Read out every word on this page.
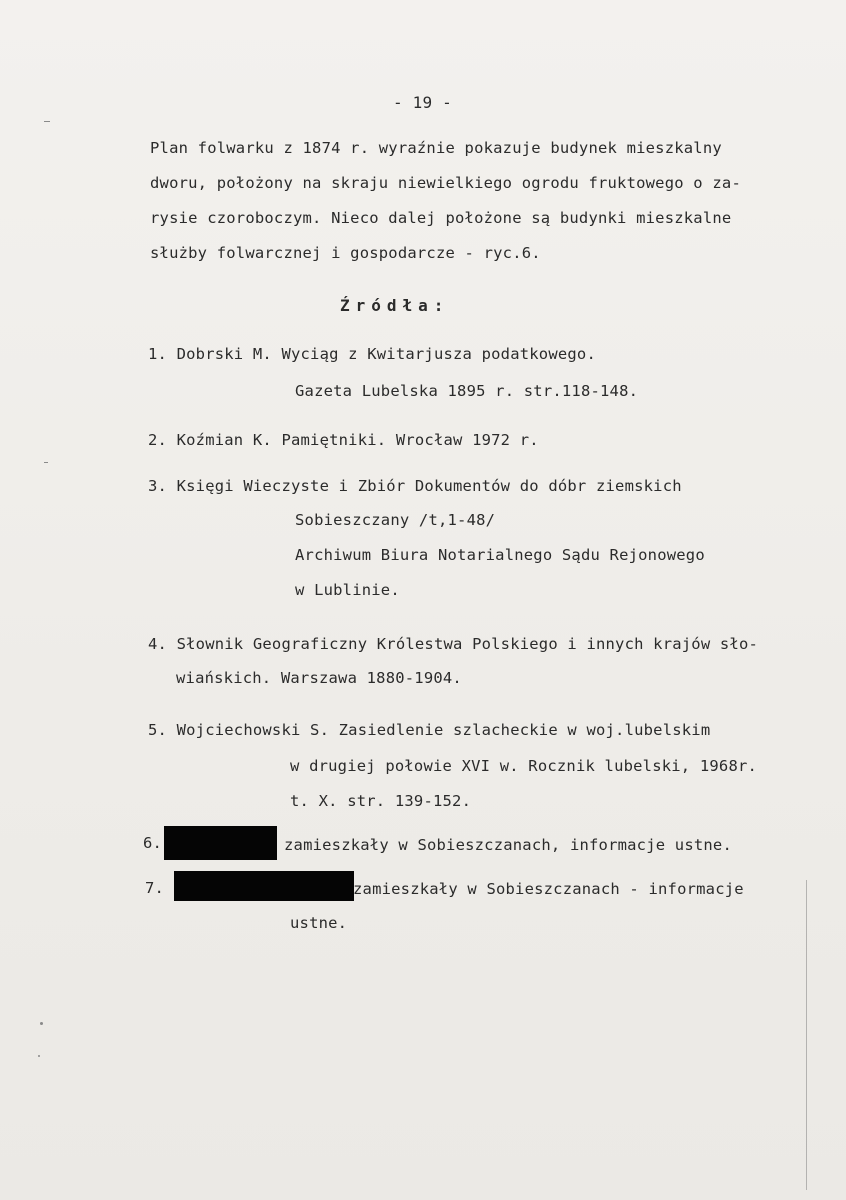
- 19 -
Plan folwarku z 1874 r. wyraźnie pokazuje budynek mieszkalny
dworu, położony na skraju niewielkiego ogrodu fruktowego o za-
rysie czoroboczym. Nieco dalej położone są budynki mieszkalne
służby folwarcznej i gospodarcze - ryc.6.
Źródła:
1. Dobrski M. Wyciąg z Kwitarjusza podatkowego.
Gazeta Lubelska 1895 r. str.118-148.
2. Koźmian K. Pamiętniki. Wrocław 1972 r.
3. Księgi Wieczyste i Zbiór Dokumentów do dóbr ziemskich
Sobieszczany /t,1-48/
Archiwum Biura Notarialnego Sądu Rejonowego
w Lublinie.
4. Słownik Geograficzny Królestwa Polskiego i innych krajów sło-
wiańskich. Warszawa 1880-1904.
5. Wojciechowski S. Zasiedlenie szlacheckie w woj.lubelskim
w drugiej połowie XVI w. Rocznik lubelski, 1968r.
t. X. str. 139-152.
6.	zamieszkały w Sobieszczanach, informacje ustne.
7.	zamieszkały w Sobieszczanach - informacje
ustne.
